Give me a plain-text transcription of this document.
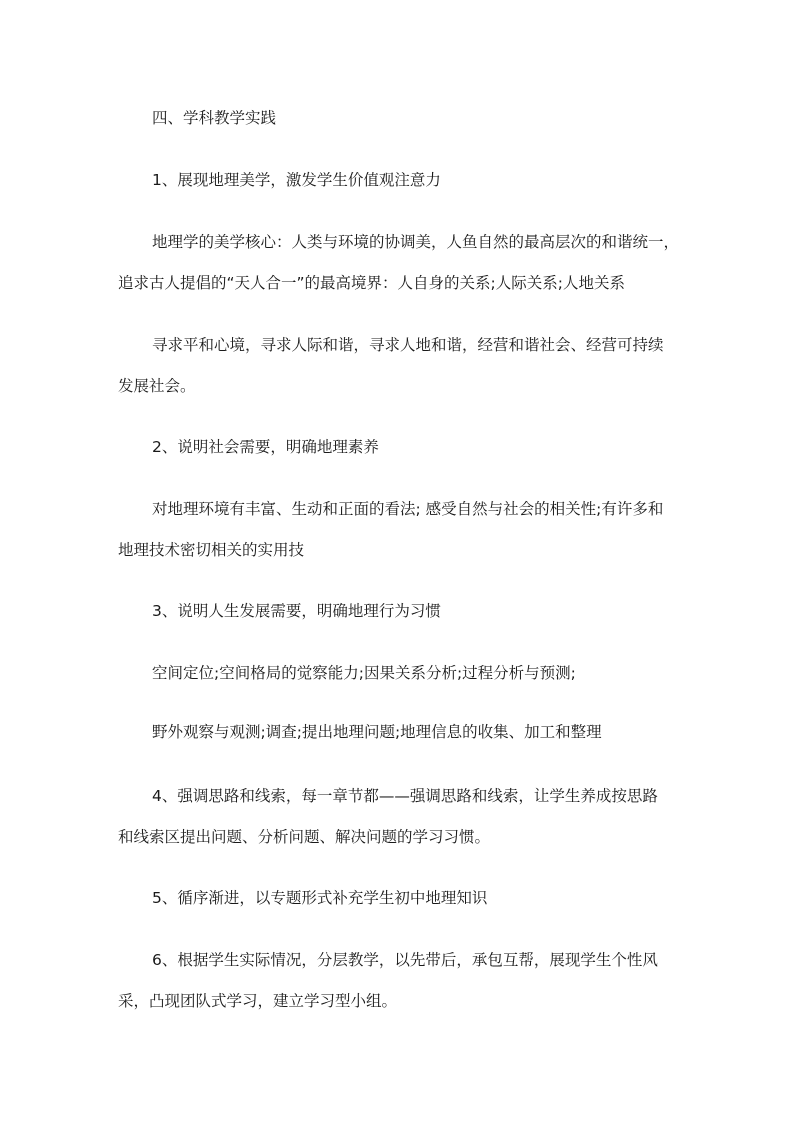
四、学科教学实践
1、展现地理美学，激发学生价值观注意力
地理学的美学核心：人类与环境的协调美，人鱼自然的最高层次的和谐统一，
追求古人提倡的“天人合一”的最高境界：人自身的关系;人际关系;人地关系
寻求平和心境，寻求人际和谐，寻求人地和谐，经营和谐社会、经营可持续
发展社会。
2、说明社会需要，明确地理素养
对地理环境有丰富、生动和正面的看法; 感受自然与社会的相关性;有许多和
地理技术密切相关的实用技
3、说明人生发展需要，明确地理行为习惯
空间定位;空间格局的觉察能力;因果关系分析;过程分析与预测;
野外观察与观测;调查;提出地理问题;地理信息的收集、加工和整理
4、强调思路和线索，每一章节都——强调思路和线索，让学生养成按思路
和线索区提出问题、分析问题、解决问题的学习习惯。
5、循序渐进，以专题形式补充学生初中地理知识
6、根据学生实际情况，分层教学，以先带后，承包互帮，展现学生个性风
采，凸现团队式学习，建立学习型小组。
